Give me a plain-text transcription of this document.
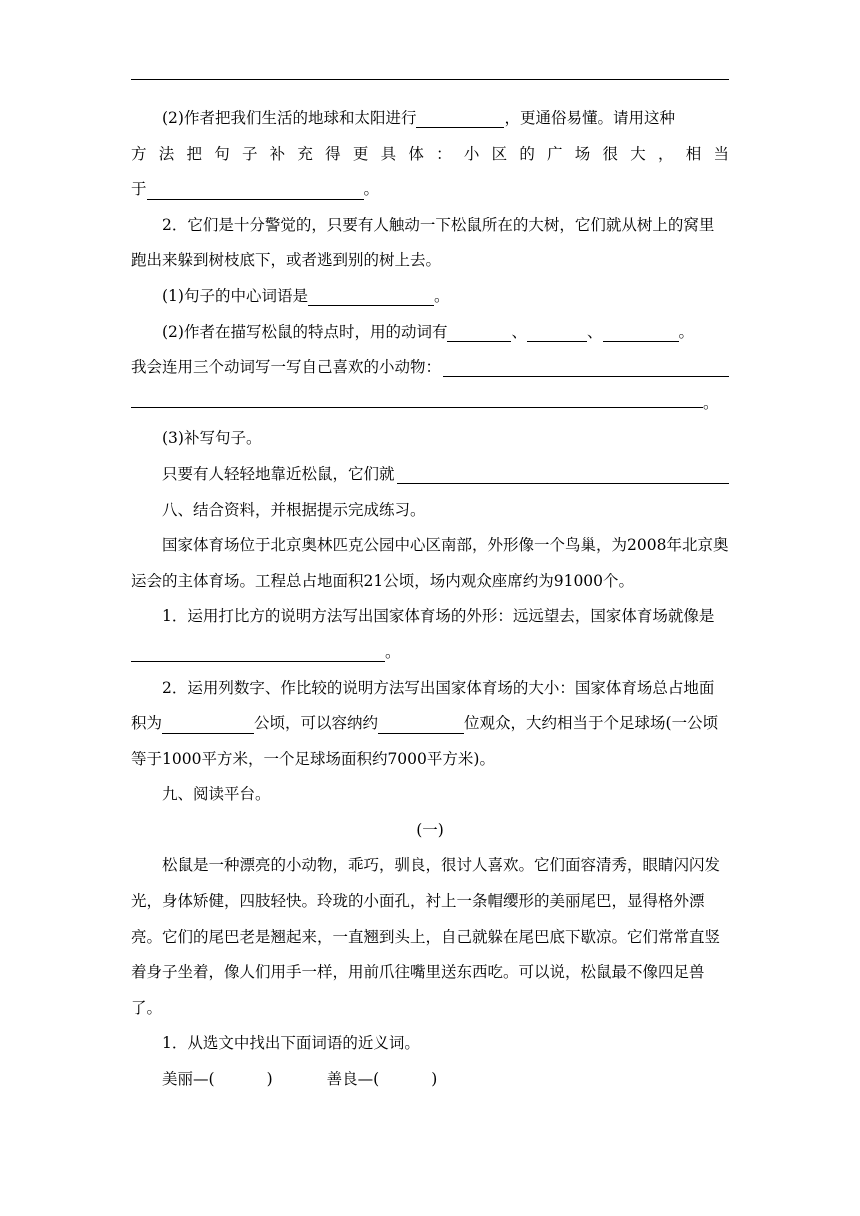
(2)作者把我们生活的地球和太阳进行	，更通俗易懂。请用这种

方法把句子补充得更具体：小区的广场很大，相当

于	。

2．它们是十分警觉的，只要有人触动一下松鼠所在的大树，它们就从树上的窝里跑出来躲到树枝底下，或者逃到别的树上去。

(1)句子的中心词语是	。

(2)作者在描写松鼠的特点时，用的动词有	、	、	。

我会连用三个动词写一写自己喜欢的小动物：
。

(3)补写句子。

只要有人轻轻地靠近松鼠，它们就

八、结合资料，并根据提示完成练习。

国家体育场位于北京奥林匹克公园中心区南部，外形像一个鸟巢，为2008年北京奥运会的主体育场。工程总占地面积21公顷，场内观众座席约为91000个。

1．运用打比方的说明方法写出国家体育场的外形：远远望去，国家体育场就像是。

2．运用列数字、作比较的说明方法写出国家体育场的大小：国家体育场总占地面积为	公顷，可以容纳约	位观众，大约相当于个足球场(一公顷等于1000平方米，一个足球场面积约7000平方米)。

九、阅读平台。

(一)

松鼠是一种漂亮的小动物，乖巧，驯良，很讨人喜欢。它们面容清秀，眼睛闪闪发光，身体矫健，四肢轻快。玲珑的小面孔，衬上一条帽缨形的美丽尾巴，显得格外漂亮。它们的尾巴老是翘起来，一直翘到头上，自己就躲在尾巴底下歇凉。它们常常直竖着身子坐着，像人们用手一样，用前爪往嘴里送东西吃。可以说，松鼠最不像四足兽了。

1．从选文中找出下面词语的近义词。

美丽—(	)	善良—(	)
